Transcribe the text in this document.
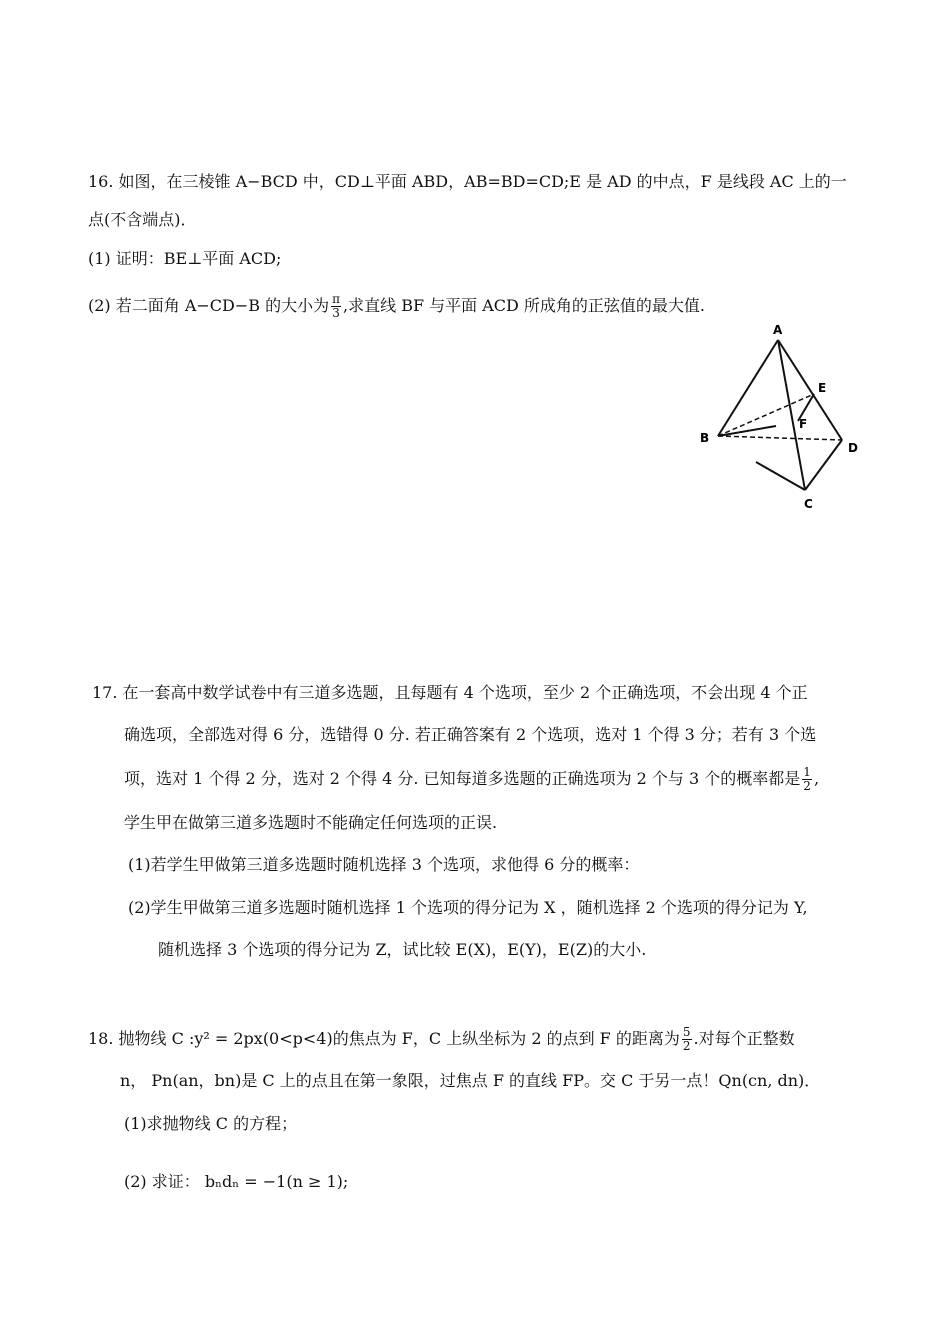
16. 如图，在三棱锥 A−BCD 中，CD⊥平面 ABD，AB=BD=CD;E 是 AD 的中点，F 是线段 AC 上的一
点(不含端点)．
(1) 证明：BE⊥平面 ACD;
(2) 若二面角 A−CD−B 的大小为 $\frac{\pi}{3}$ ,求直线 BF 与平面 ACD 所成角的正弦值的最大值.
A
B
C
D
E
F
17. 在一套高中数学试卷中有三道多选题，且每题有 4 个选项，至少 2 个正确选项，不会出现 4 个正
确选项，全部选对得 6 分，选错得 0 分. 若正确答案有 2 个选项，选对 1 个得 3 分；若有 3 个选
项，选对 1 个得 2 分，选对 2 个得 4 分. 已知每道多选题的正确选项为 2 个与 3 个的概率都是 $\frac{1}{2}$ ,
学生甲在做第三道多选题时不能确定任何选项的正误.
(1)若学生甲做第三道多选题时随机选择 3 个选项，求他得 6 分的概率：
(2)学生甲做第三道多选题时随机选择 1 个选项的得分记为 X ，随机选择 2 个选项的得分记为 Y,
随机选择 3 个选项的得分记为 Z，试比较 E(X)，E(Y)，E(Z)的大小.
18. 抛物线 C :y² = 2px(0<p<4)的焦点为 F，C 上纵坐标为 2 的点到 F 的距离为 $\frac{5}{2}$ .对每个正整数
n， Pn(an，bn)是 C 上的点且在第一象限，过焦点 F 的直线 FP。交 C 于另一点！Qn(cn, dn)．
(1)求抛物线 C 的方程；
(2) 求证： bₙdₙ = −1(n ≥ 1);
